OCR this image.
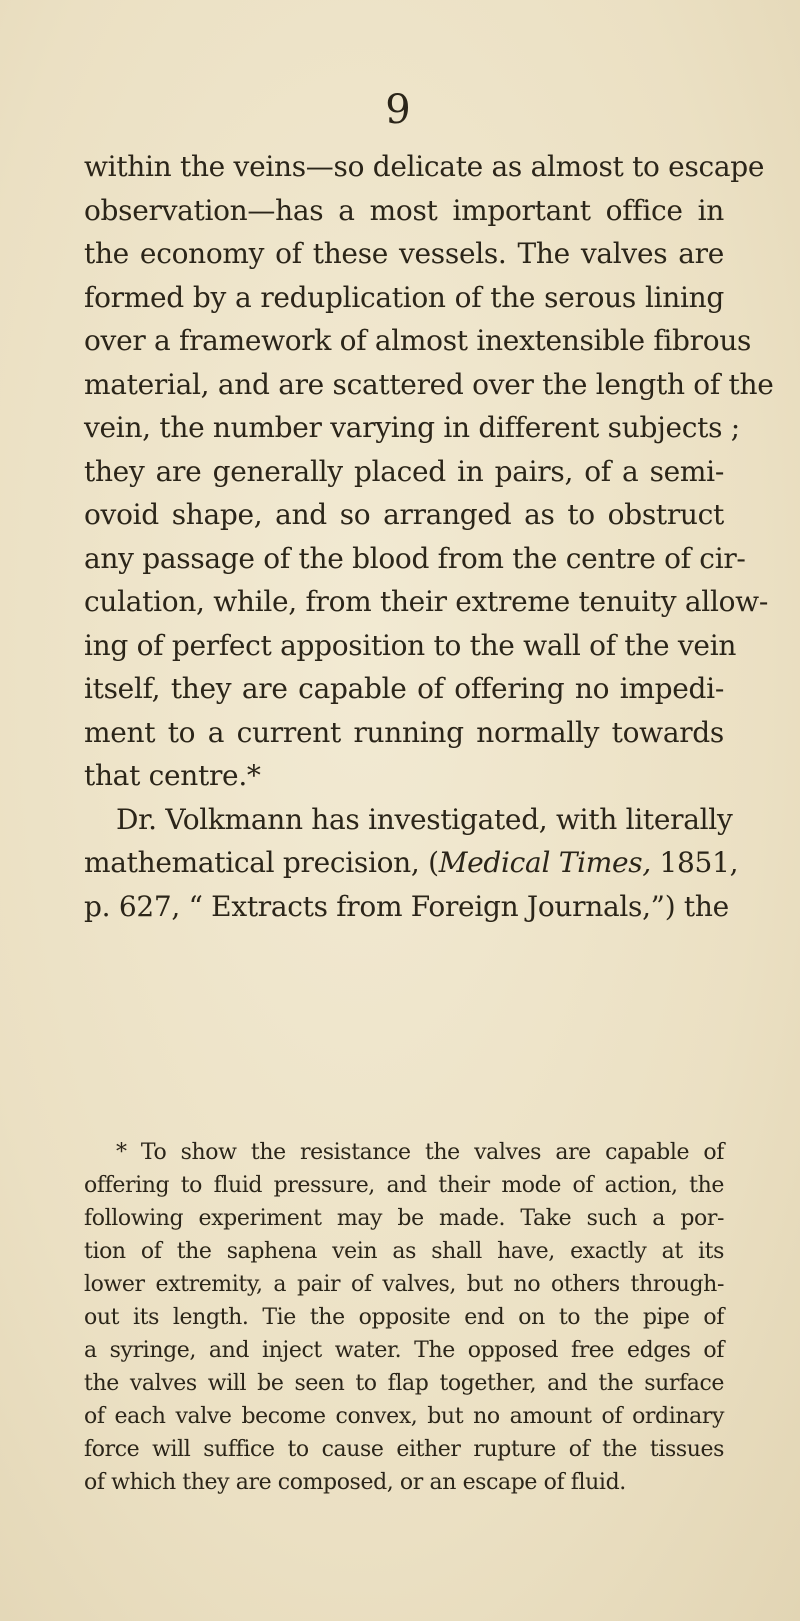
9
within the veins—so delicate as almost to escape
observation—has a most important office in
the economy of these vessels. The valves are
formed by a reduplication of the serous lining
over a framework of almost inextensible fibrous
material, and are scattered over the length of the
vein, the number varying in different subjects ;
they are generally placed in pairs, of a semi-
ovoid shape, and so arranged as to obstruct
any passage of the blood from the centre of cir-
culation, while, from their extreme tenuity allow-
ing of perfect apposition to the wall of the vein
itself, they are capable of offering no impedi-
ment to a current running normally towards
that centre.*
Dr. Volkmann has investigated, with literally
mathematical precision, (Medical Times, 1851,
p. 627, “ Extracts from Foreign Journals,”) the
* To show the resistance the valves are capable of
offering to fluid pressure, and their mode of action, the
following experiment may be made. Take such a por-
tion of the saphena vein as shall have, exactly at its
lower extremity, a pair of valves, but no others through-
out its length. Tie the opposite end on to the pipe of
a syringe, and inject water. The opposed free edges of
the valves will be seen to flap together, and the surface
of each valve become convex, but no amount of ordinary
force will suffice to cause either rupture of the tissues
of which they are composed, or an escape of fluid.
